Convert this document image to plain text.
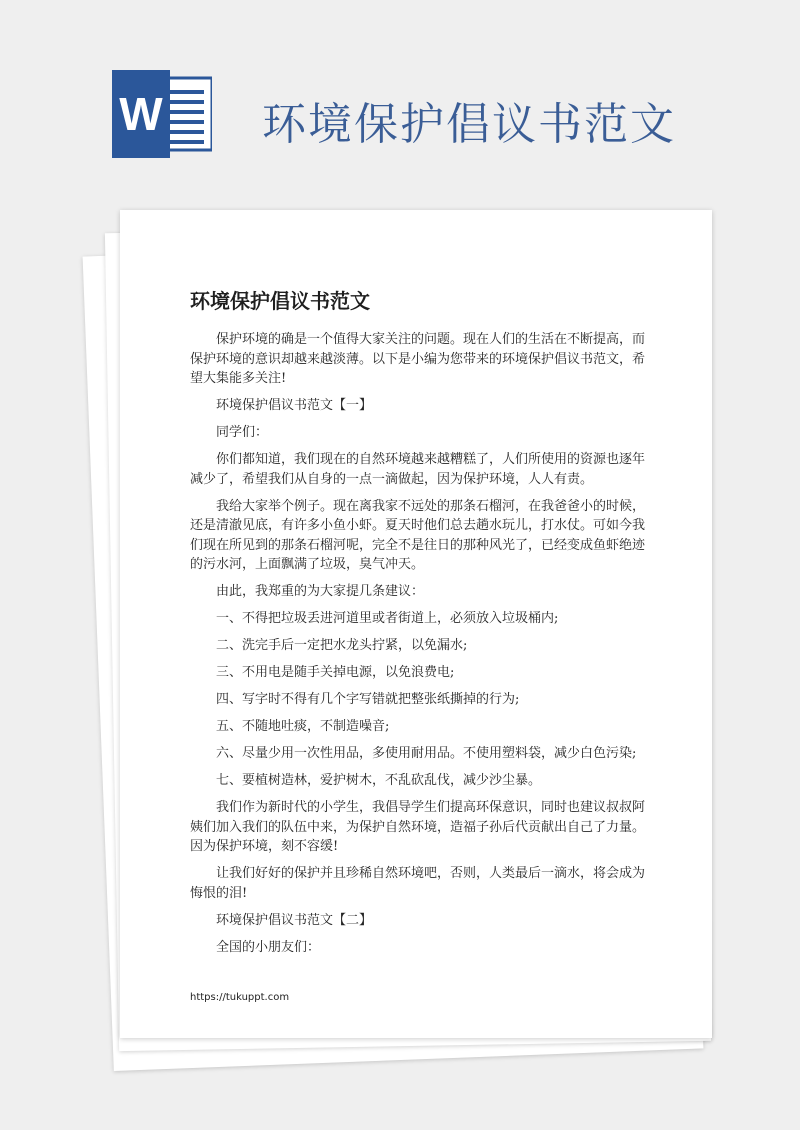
W 环境保护倡议书范文
环境保护倡议书范文

保护环境的确是一个值得大家关注的问题。现在人们的生活在不断提高，而保护环境的意识却越来越淡薄。以下是小编为您带来的环境保护倡议书范文，希望大集能多关注!

环境保护倡议书范文【一】

同学们：

你们都知道，我们现在的自然环境越来越糟糕了，人们所使用的资源也逐年减少了，希望我们从自身的一点一滴做起，因为保护环境，人人有责。

我给大家举个例子。现在离我家不远处的那条石榴河，在我爸爸小的时候，还是清澈见底，有许多小鱼小虾。夏天时他们总去趟水玩儿，打水仗。可如今我们现在所见到的那条石榴河呢，完全不是往日的那种风光了，已经变成鱼虾绝迹的污水河，上面飘满了垃圾，臭气冲天。

由此，我郑重的为大家提几条建议：

一、不得把垃圾丢进河道里或者街道上，必须放入垃圾桶内;

二、洗完手后一定把水龙头拧紧，以免漏水;

三、不用电是随手关掉电源，以免浪费电;

四、写字时不得有几个字写错就把整张纸撕掉的行为;

五、不随地吐痰，不制造噪音;

六、尽量少用一次性用品，多使用耐用品。不使用塑料袋，减少白色污染;

七、要植树造林，爱护树木，不乱砍乱伐，减少沙尘暴。

我们作为新时代的小学生，我倡导学生们提高环保意识，同时也建议叔叔阿姨们加入我们的队伍中来，为保护自然环境，造福子孙后代贡献出自己了力量。因为保护环境，刻不容缓!

让我们好好的保护并且珍稀自然环境吧，否则，人类最后一滴水，将会成为悔恨的泪!

环境保护倡议书范文【二】

全国的小朋友们：

https://tukuppt.com
